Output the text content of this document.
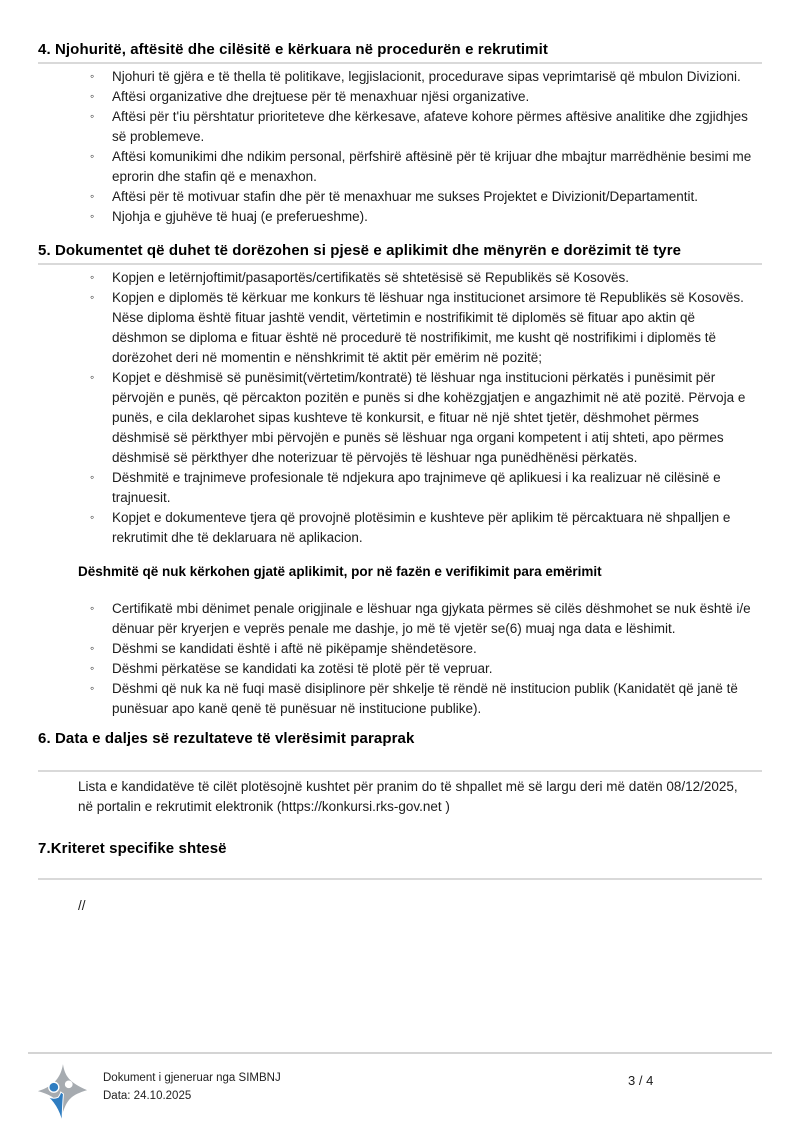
4. Njohuritë, aftësitë dhe cilësitë e kërkuara në procedurën e rekrutimit
◦ Njohuri të gjëra e të thella të politikave, legjislacionit, procedurave sipas veprimtarisë që mbulon Divizioni.
◦ Aftësi organizative dhe drejtuese për të menaxhuar njësi organizative.
◦ Aftësi për t'iu përshtatur prioriteteve dhe kërkesave, afateve kohore përmes aftësive analitike dhe zgjidhjes së problemeve.
◦ Aftësi komunikimi dhe ndikim personal, përfshirë aftësinë për të krijuar dhe mbajtur marrëdhënie besimi me eprorin dhe stafin që e menaxhon.
◦ Aftësi për të motivuar stafin dhe për të menaxhuar me sukses Projektet e Divizionit/Departamentit.
◦ Njohja e gjuhëve të huaj (e preferueshme).
5. Dokumentet që duhet të dorëzohen si pjesë e aplikimit dhe mënyrën e dorëzimit të tyre
◦ Kopjen e letërnjoftimit/pasaportës/certifikatës së shtetësisë së Republikës së Kosovës.
◦ Kopjen e diplomës të kërkuar me konkurs të lëshuar nga institucionet arsimore të Republikës së Kosovës. Nëse diploma është fituar jashtë vendit, vërtetimin e nostrifikimit të diplomës së fituar apo aktin që dëshmon se diploma e fituar është në procedurë të nostrifikimit, me kusht që nostrifikimi i diplomës të dorëzohet deri në momentin e nënshkrimit të aktit për emërim në pozitë;
◦ Kopjet e dëshmisë së punësimit(vërtetim/kontratë) të lëshuar nga institucioni përkatës i punësimit për përvojën e punës, që përcakton pozitën e punës si dhe kohëzgjatjen e angazhimit në atë pozitë. Përvoja e punës, e cila deklarohet sipas kushteve të konkursit, e fituar në një shtet tjetër, dëshmohet përmes dëshmisë së përkthyer mbi përvojën e punës së lëshuar nga organi kompetent i atij shteti, apo përmes dëshmisë së përkthyer dhe noterizuar të përvojës të lëshuar nga punëdhënësi përkatës.
◦ Dëshmitë e trajnimeve profesionale të ndjekura apo trajnimeve që aplikuesi i ka realizuar në cilësinë e trajnuesit.
◦ Kopjet e dokumenteve tjera që provojnë plotësimin e kushteve për aplikim të përcaktuara në shpalljen e rekrutimit dhe të deklaruara në aplikacion.

Dëshmitë që nuk kërkohen gjatë aplikimit, por në fazën e verifikimit para emërimit

◦ Certifikatë mbi dënimet penale origjinale e lëshuar nga gjykata përmes së cilës dëshmohet se nuk është i/e dënuar për kryerjen e veprës penale me dashje, jo më të vjetër se(6) muaj nga data e lëshimit.
◦ Dëshmi se kandidati është i aftë në pikëpamje shëndetësore.
◦ Dëshmi përkatëse se kandidati ka zotësi të plotë për të vepruar.
◦ Dëshmi që nuk ka në fuqi masë disiplinore për shkelje të rëndë në institucion publik (Kanidatët që janë të punësuar apo kanë qenë të punësuar në institucione publike).
6. Data e daljes së rezultateve të vlerësimit paraprak

Lista e kandidatëve të cilët plotësojnë kushtet për pranim do të shpallet më së largu deri më datën 08/12/2025, në portalin e rekrutimit elektronik (https://konkursi.rks-gov.net )

7.Kriteret specifike shtesë

//

Dokument i gjeneruar nga SIMBNJ
Data: 24.10.2025
3 / 4
